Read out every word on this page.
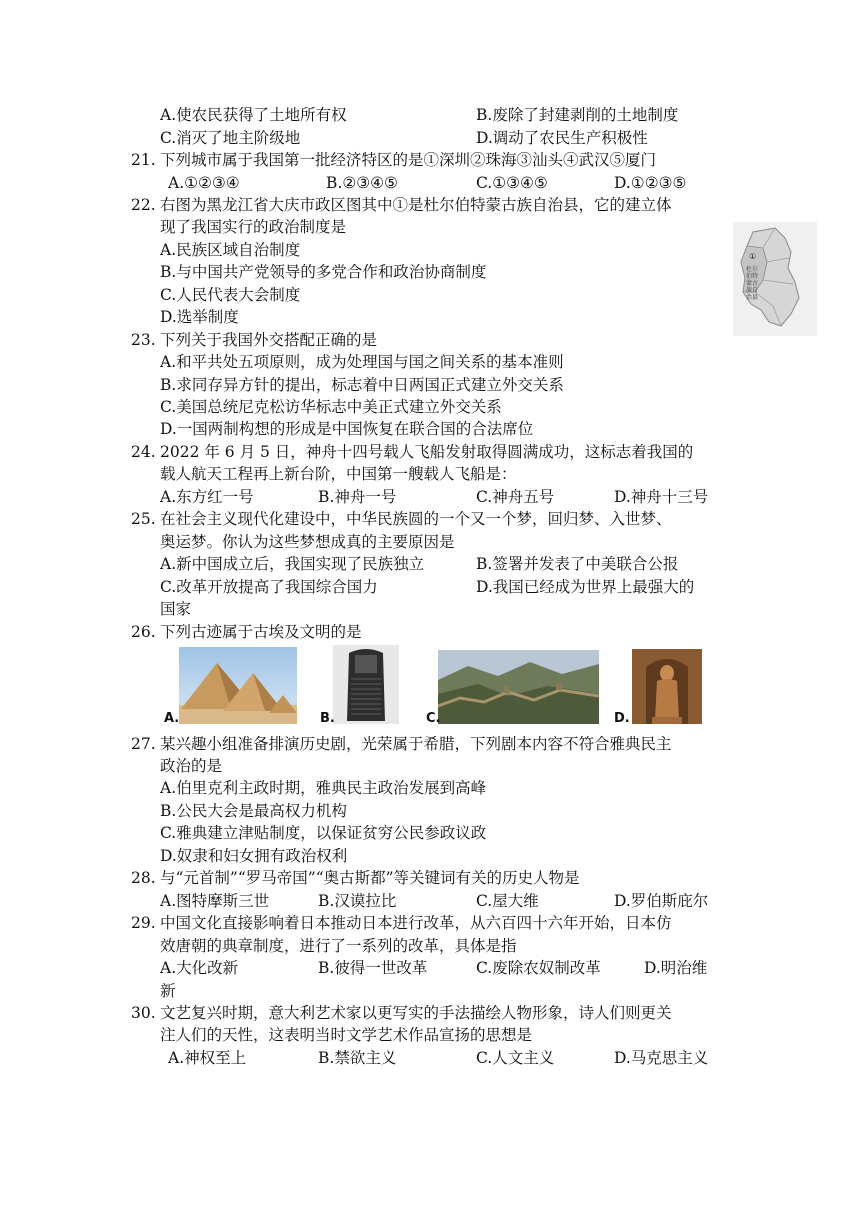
A.使农民获得了土地所有权	B.废除了封建剥削的土地制度
C.消灭了地主阶级地	D.调动了农民生产积极性
21. 下列城市属于我国第一批经济特区的是①深圳②珠海③汕头④武汉⑤厦门
A.①②③④	B.②③④⑤	C.①③④⑤	D.①②③⑤
22. 右图为黑龙江省大庆市政区图其中①是杜尔伯特蒙古族自治县，它的建立体
现了我国实行的政治制度是
A.民族区域自治制度
B.与中国共产党领导的多党合作和政治协商制度
C.人民代表大会制度
D.选举制度
杜尔
伯特
蒙古
族自
治县
①
23. 下列关于我国外交搭配正确的是
A.和平共处五项原则，成为处理国与国之间关系的基本准则
B.求同存异方针的提出，标志着中日两国正式建立外交关系
C.美国总统尼克松访华标志中美正式建立外交关系
D.一国两制构想的形成是中国恢复在联合国的合法席位
24. 2022 年 6 月 5 日，神舟十四号载人飞船发射取得圆满成功，这标志着我国的
载人航天工程再上新台阶，中国第一艘载人飞船是：
A.东方红一号	B.神舟一号	C.神舟五号	D.神舟十三号
25. 在社会主义现代化建设中，中华民族圆的一个又一个梦，回归梦、入世梦、
奥运梦。你认为这些梦想成真的主要原因是
A.新中国成立后，我国实现了民族独立	B.签署并发表了中美联合公报
C.改革开放提高了我国综合国力	D.我国已经成为世界上最强大的
国家
26. 下列古迹属于古埃及文明的是
A.	B.	C.	D.
27. 某兴趣小组准备排演历史剧，光荣属于希腊，下列剧本内容不符合雅典民主
政治的是
A.伯里克利主政时期，雅典民主政治发展到高峰
B.公民大会是最高权力机构
C.雅典建立津贴制度，以保证贫穷公民参政议政
D.奴隶和妇女拥有政治权利
28. 与“元首制”“罗马帝国”“奥古斯都”等关键词有关的历史人物是
A.图特摩斯三世	B.汉谟拉比	C.屋大维	D.罗伯斯庇尔
29. 中国文化直接影响着日本推动日本进行改革，从六百四十六年开始，日本仿
效唐朝的典章制度，进行了一系列的改革，具体是指
A.大化改新	B.彼得一世改革	C.废除农奴制改革	D.明治维
新
30. 文艺复兴时期，意大利艺术家以更写实的手法描绘人物形象，诗人们则更关
注人们的天性，这表明当时文学艺术作品宣扬的思想是
A.神权至上	B.禁欲主义	C.人文主义	D.马克思主义
